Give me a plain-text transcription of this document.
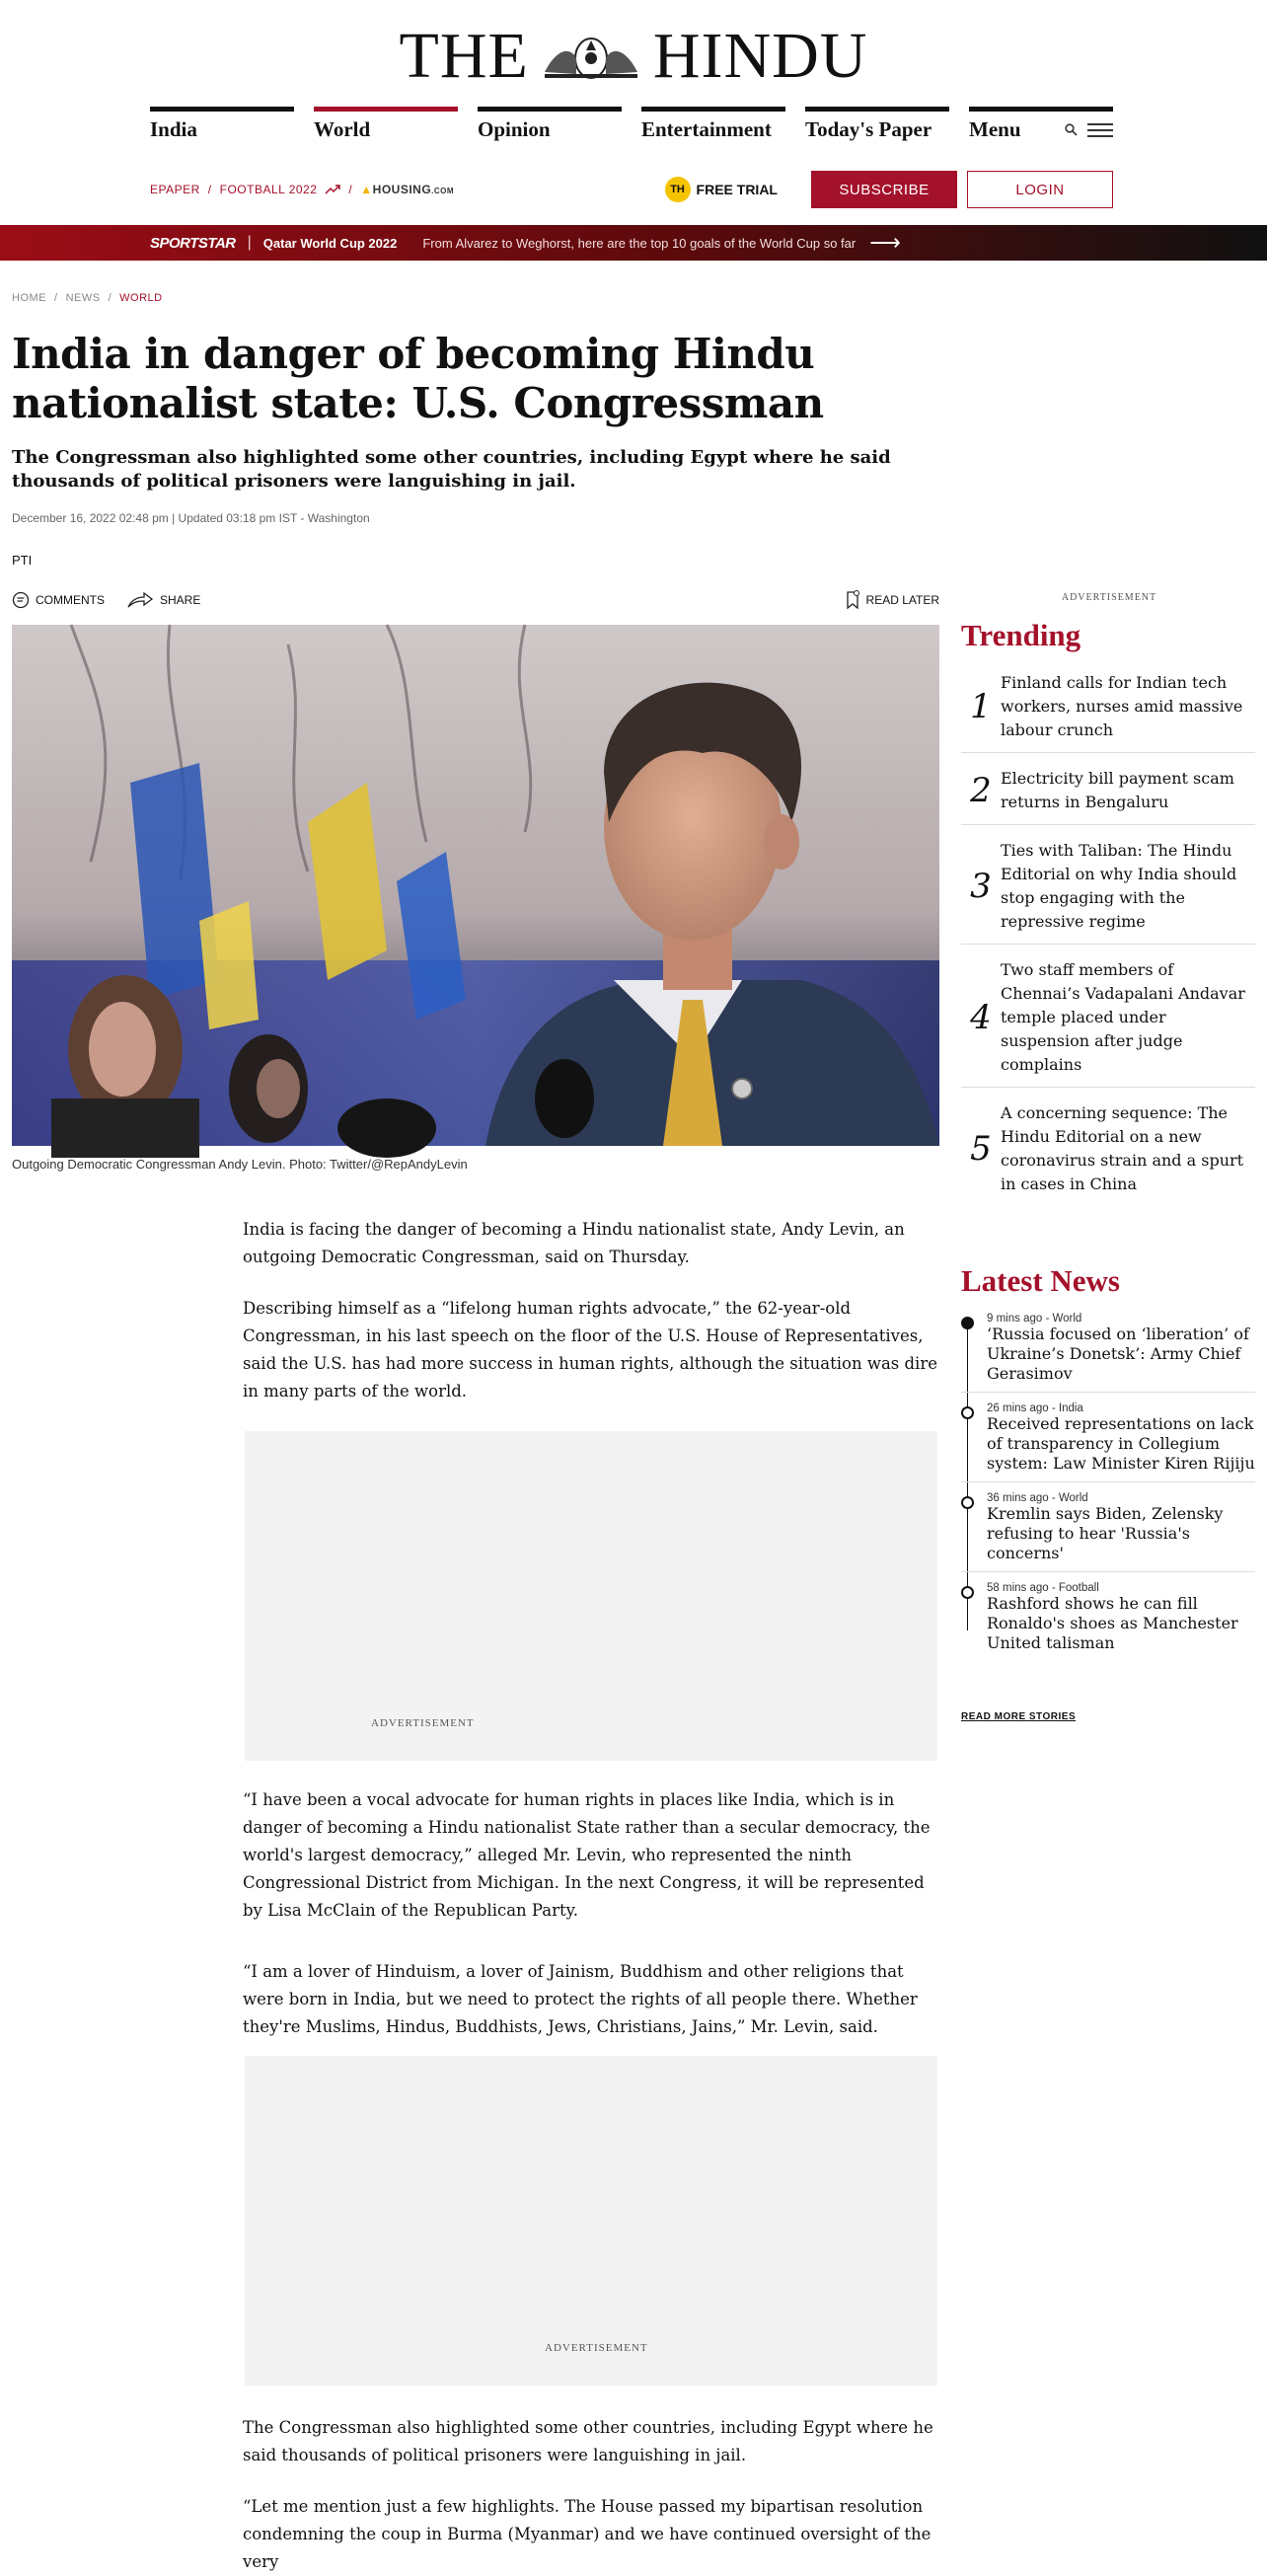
THE HINDU
India	World	Opinion	Entertainment	Today's Paper	Menu
EPAPER / FOOTBALL 2022	/ ▲HOUSING.COM	TH FREE TRIAL	SUBSCRIBE	LOGIN
SPORTSTAR | Qatar World Cup 2022 From Alvarez to Weghorst, here are the top 10 goals of the World Cup so far ⟶
HOME / NEWS / WORLD
India in danger of becoming Hindu nationalist state: U.S. Congressman
The Congressman also highlighted some other countries, including Egypt where he said thousands of political prisoners were languishing in jail.
December 16, 2022 02:48 pm | Updated 03:18 pm IST - Washington
PTI
COMMENTS	SHARE	READ LATER
Outgoing Democratic Congressman Andy Levin. Photo: Twitter/@RepAndyLevin

India is facing the danger of becoming a Hindu nationalist state, Andy Levin, an outgoing Democratic Congressman, said on Thursday.

Describing himself as a “lifelong human rights advocate,” the 62-year-old Congressman, in his last speech on the floor of the U.S. House of Representatives, said the U.S. has had more success in human rights, although the situation was dire in many parts of the world.

ADVERTISEMENT

“I have been a vocal advocate for human rights in places like India, which is in danger of becoming a Hindu nationalist State rather than a secular democracy, the world's largest democracy,” alleged Mr. Levin, who represented the ninth Congressional District from Michigan. In the next Congress, it will be represented by Lisa McClain of the Republican Party.

“I am a lover of Hinduism, a lover of Jainism, Buddhism and other religions that were born in India, but we need to protect the rights of all people there. Whether they're Muslims, Hindus, Buddhists, Jews, Christians, Jains,” Mr. Levin, said.

ADVERTISEMENT

The Congressman also highlighted some other countries, including Egypt where he said thousands of political prisoners were languishing in jail.

“Let me mention just a few highlights. The House passed my bipartisan resolution condemning the coup in Burma (Myanmar) and we have continued oversight of the very

ADVERTISEMENT
Trending
1
Finland calls for Indian tech workers, nurses amid massive labour crunch
2 Electricity bill payment scam returns in Bengaluru
3
Ties with Taliban: The Hindu Editorial on why India should stop engaging with the repressive regime
4
Two staff members of Chennai’s Vadapalani Andavar temple placed under suspension after judge complains
5
A concerning sequence: The Hindu Editorial on a new coronavirus strain and a spurt in cases in China
Latest News
9 mins ago - World
‘Russia focused on ‘liberation’ of Ukraine’s Donetsk’: Army Chief Gerasimov
26 mins ago - India
Received representations on lack of transparency in Collegium system: Law Minister Kiren Rijiju
36 mins ago - World
Kremlin says Biden, Zelensky refusing to hear 'Russia's concerns'
58 mins ago - Football
Rashford shows he can fill Ronaldo's shoes as Manchester United talisman
READ MORE STORIES
